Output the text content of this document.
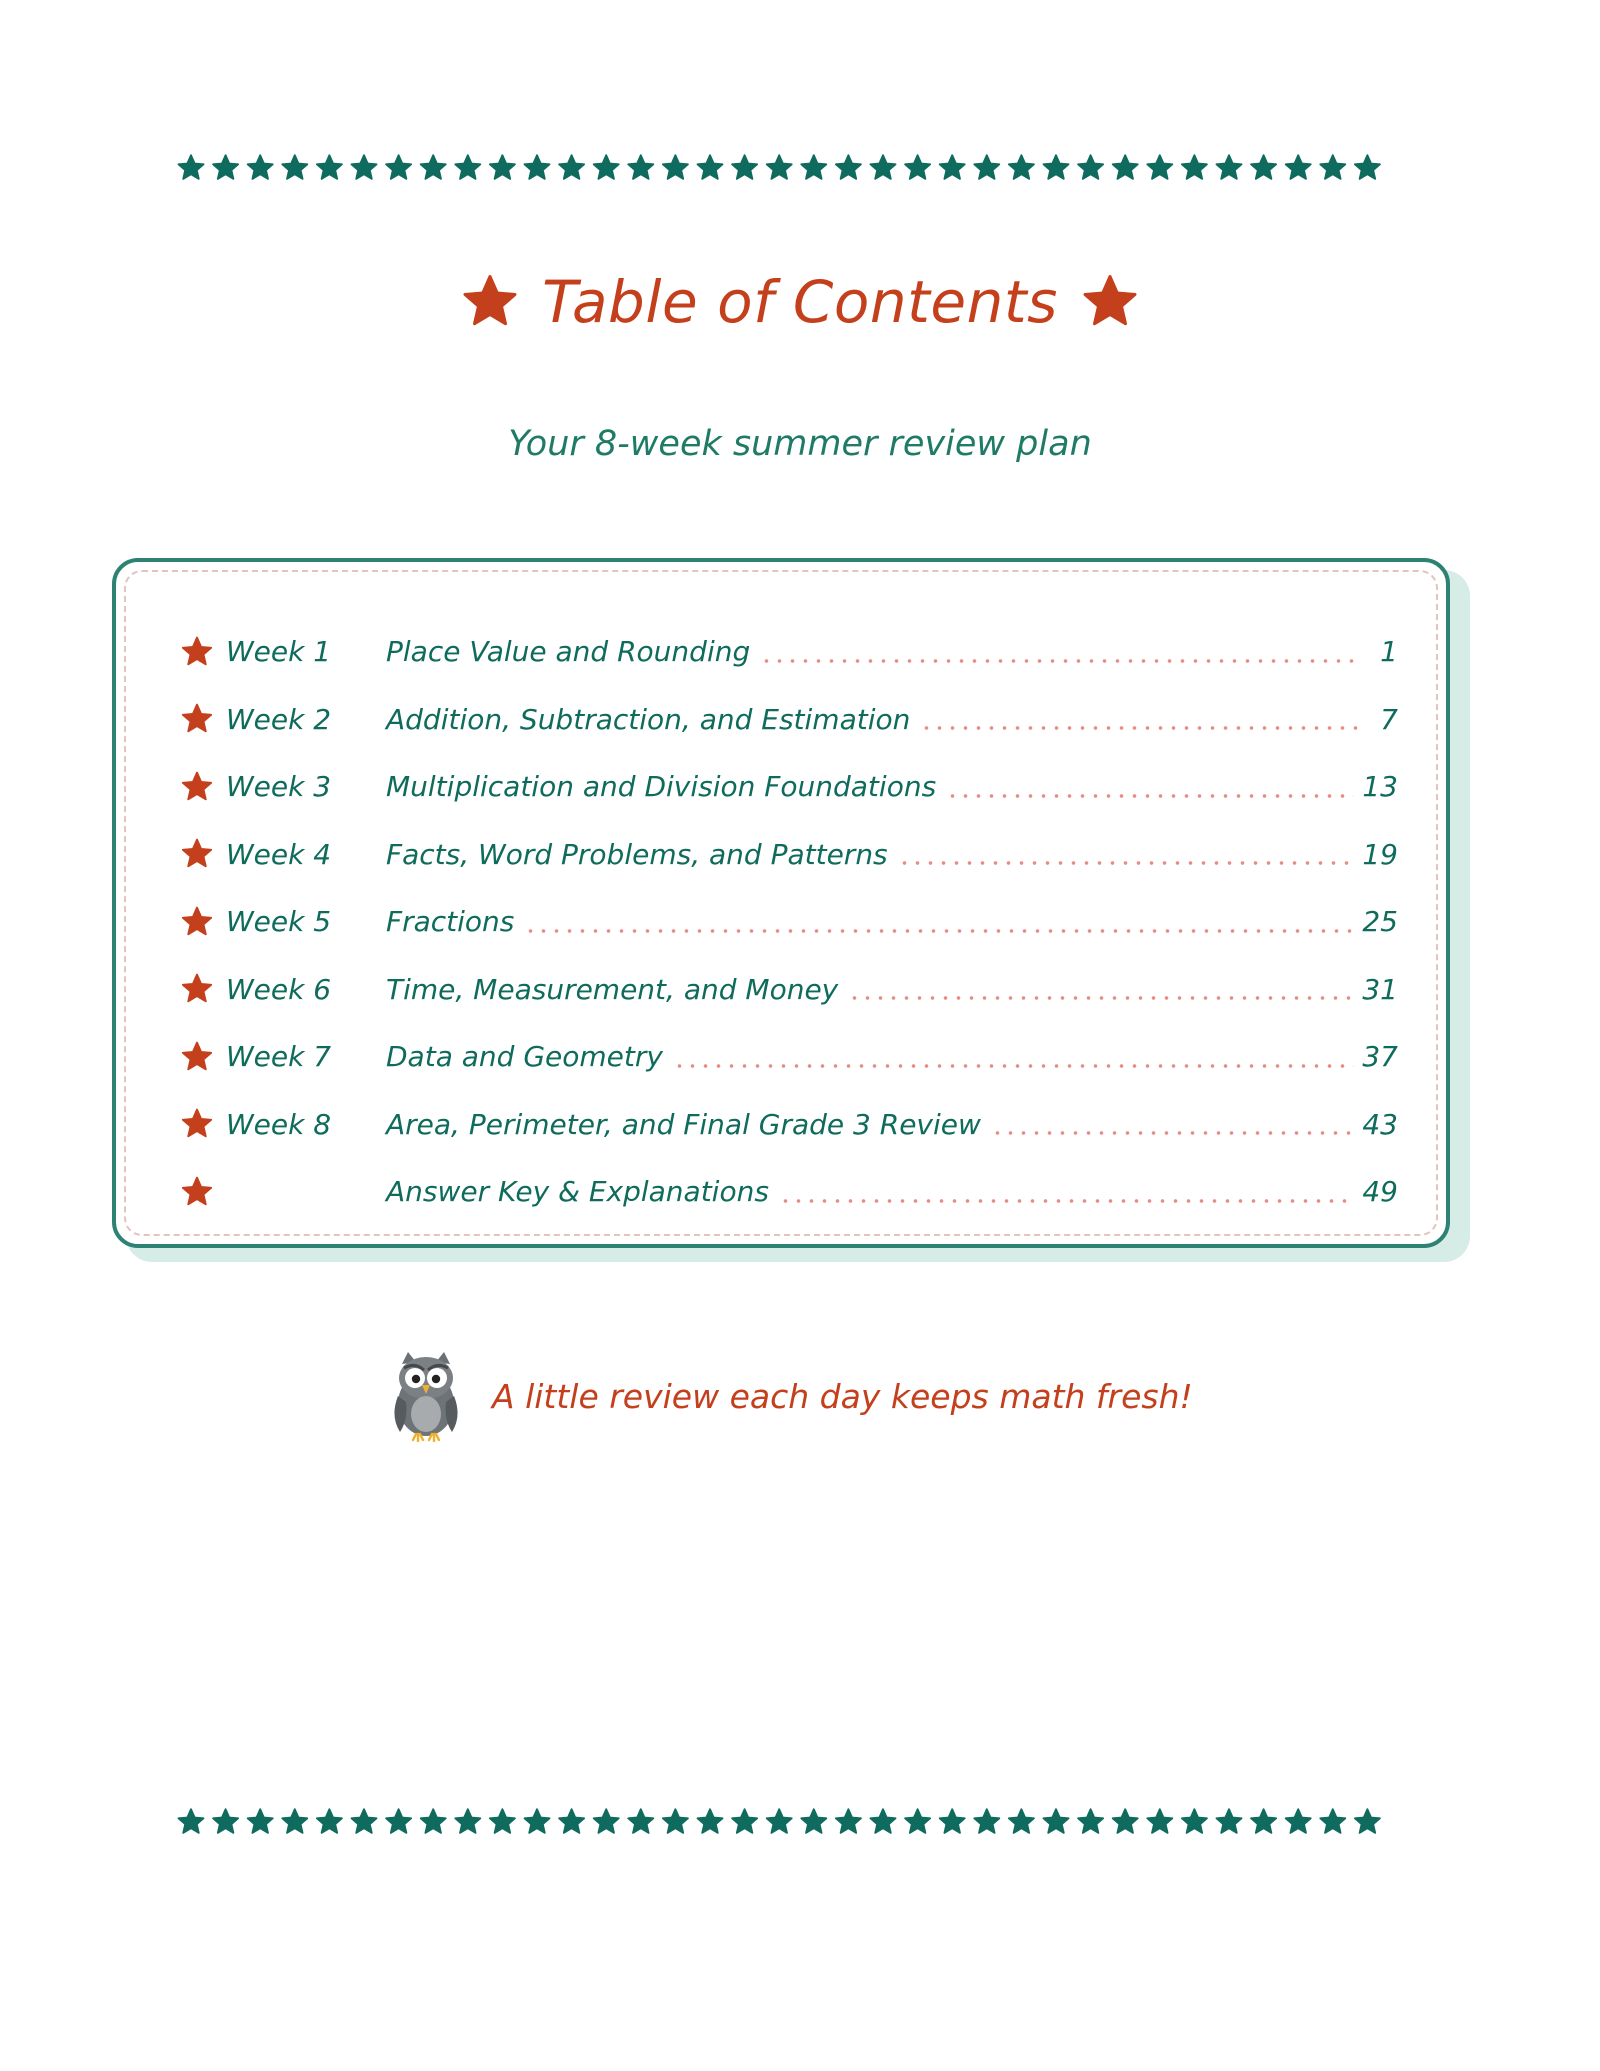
Table of Contents
Your 8-week summer review plan
Week 1	Place Value and Rounding	1
Week 2	Addition, Subtraction, and Estimation	7
Week 3	Multiplication and Division Foundations	13
Week 4	Facts, Word Problems, and Patterns	19
Week 5	Fractions	25
Week 6	Time, Measurement, and Money	31
Week 7	Data and Geometry	37
Week 8	Area, Perimeter, and Final Grade 3 Review	43
Answer Key & Explanations	49
A little review each day keeps math fresh!
